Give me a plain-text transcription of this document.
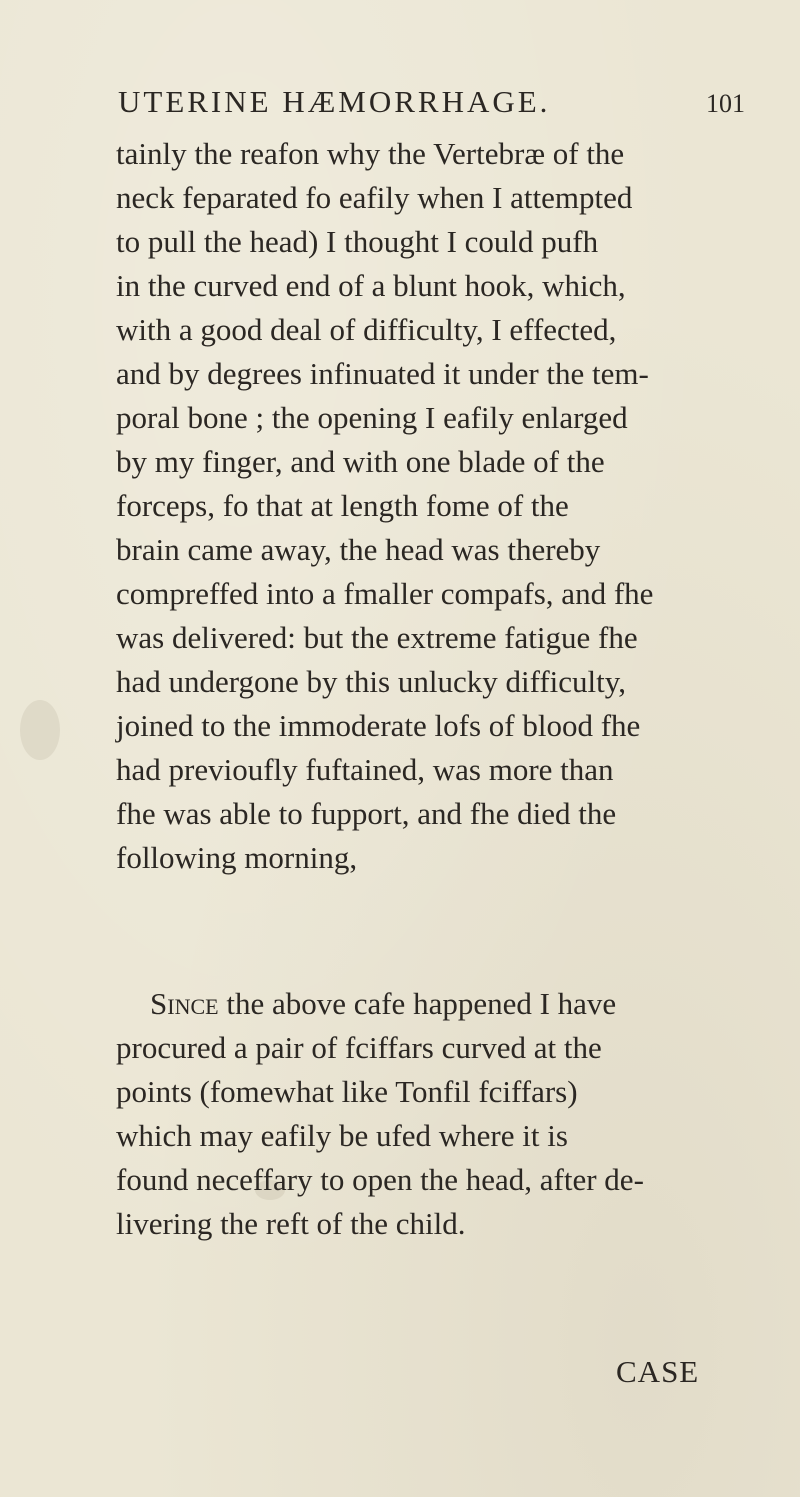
UTERINE HÆMORRHAGE.	101
tainly the reafon why the Vertebræ of the
neck feparated fo eafily when I attempted
to pull the head) I thought I could pufh
in the curved end of a blunt hook, which,
with a good deal of difficulty, I effected,
and by degrees infinuated it under the tem-
poral bone ; the opening I eafily enlarged
by my finger, and with one blade of the
forceps, fo that at length fome of the
brain came away, the head was thereby
compreffed into a fmaller compafs, and fhe
was delivered: but the extreme fatigue fhe
had undergone by this unlucky difficulty,
joined to the immoderate lofs of blood fhe
had previoufly fuftained, was more than
fhe was able to fupport, and fhe died the
following morning,
Since the above cafe happened I have
procured a pair of fciffars curved at the
points (fomewhat like Tonfil fciffars)
which may eafily be ufed where it is
found neceffary to open the head, after de-
livering the reft of the child.
CASE
